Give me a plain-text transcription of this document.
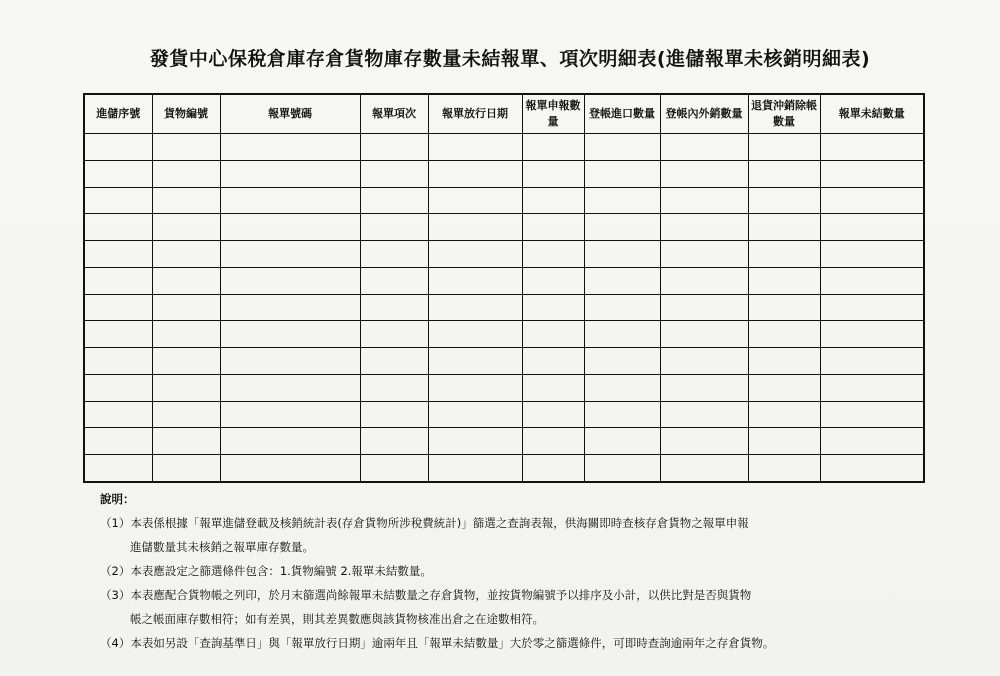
發貨中心保稅倉庫存倉貨物庫存數量未結報單、項次明細表(進儲報單未核銷明細表)
進儲序號	貨物編號	報單號碼	報單項次	報單放行日期	報單申報數量	登帳進口數量	登帳內外銷數量	退貨沖銷除帳數量	報單未結數量

說明：
（1）本表係根據「報單進儲登載及核銷統計表(存倉貨物所涉稅費統計)」篩選之查詢表報，供海關即時查核存倉貨物之報單申報
進儲數量其未核銷之報單庫存數量。
（2）本表應設定之篩選條件包含：1.貨物編號 2.報單未結數量。
（3）本表應配合貨物帳之列印，於月末篩選尚餘報單未結數量之存倉貨物，並按貨物編號予以排序及小計，以供比對是否與貨物
帳之帳面庫存數相符；如有差異，則其差異數應與該貨物核准出倉之在途數相符。
（4）本表如另設「查詢基準日」與「報單放行日期」逾兩年且「報單未結數量」大於零之篩選條件，可即時查詢逾兩年之存倉貨物。
